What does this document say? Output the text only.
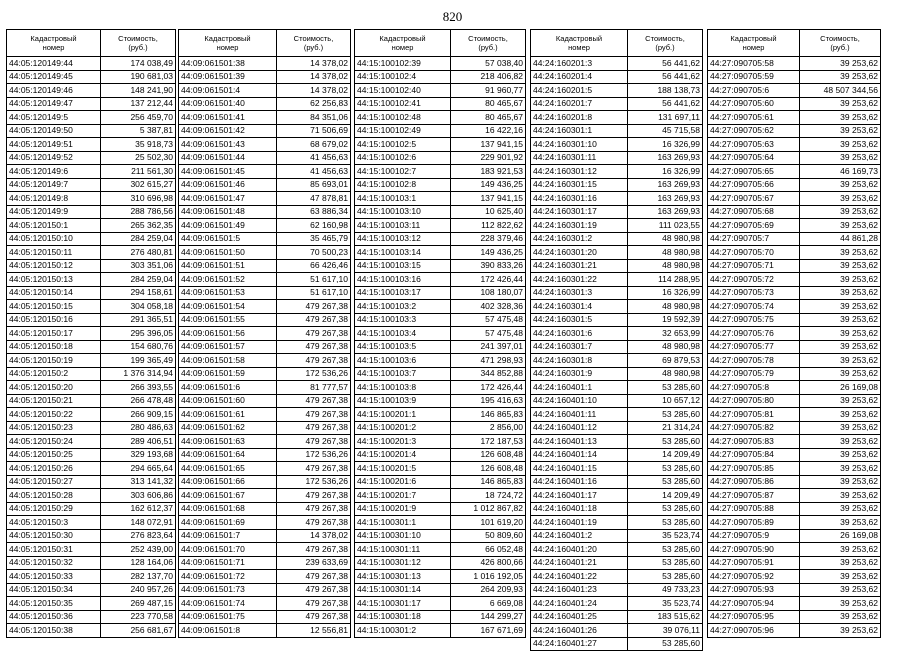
820
Кадастровый
номер	Стоимость,
(руб.)

44:05:120149:44	174 038,49
44:05:120149:45	190 681,03
44:05:120149:46	148 241,90
44:05:120149:47	137 212,44
44:05:120149:5	256 459,70
44:05:120149:50	5 387,81
44:05:120149:51	35 918,73
44:05:120149:52	25 502,30
44:05:120149:6	211 561,30
44:05:120149:7	302 615,27
44:05:120149:8	310 696,98
44:05:120149:9	288 786,56
44:05:120150:1	265 362,35
44:05:120150:10	284 259,04
44:05:120150:11	276 480,81
44:05:120150:12	303 351,06
44:05:120150:13	284 259,04
44:05:120150:14	294 158,61
44:05:120150:15	304 058,18
44:05:120150:16	291 365,51
44:05:120150:17	295 396,05
44:05:120150:18	154 680,76
44:05:120150:19	199 365,49
44:05:120150:2	1 376 314,94
44:05:120150:20	266 393,55
44:05:120150:21	266 478,48
44:05:120150:22	266 909,15
44:05:120150:23	280 486,63
44:05:120150:24	289 406,51
44:05:120150:25	329 193,68
44:05:120150:26	294 665,64
44:05:120150:27	313 141,32
44:05:120150:28	303 606,86
44:05:120150:29	162 612,37
44:05:120150:3	148 072,91
44:05:120150:30	276 823,64
44:05:120150:31	252 439,00
44:05:120150:32	128 164,06
44:05:120150:33	282 137,70
44:05:120150:34	240 957,26
44:05:120150:35	269 487,15
44:05:120150:36	223 770,58
44:05:120150:38	256 681,67
Кадастровый
номер	Стоимость,
(руб.)

44:09:061501:38	14 378,02
44:09:061501:39	14 378,02
44:09:061501:4	14 378,02
44:09:061501:40	62 256,83
44:09:061501:41	84 351,06
44:09:061501:42	71 506,69
44:09:061501:43	68 679,02
44:09:061501:44	41 456,63
44:09:061501:45	41 456,63
44:09:061501:46	85 693,01
44:09:061501:47	47 878,81
44:09:061501:48	63 886,34
44:09:061501:49	62 160,98
44:09:061501:5	35 465,79
44:09:061501:50	70 500,23
44:09:061501:51	66 426,46
44:09:061501:52	51 617,10
44:09:061501:53	51 617,10
44:09:061501:54	479 267,38
44:09:061501:55	479 267,38
44:09:061501:56	479 267,38
44:09:061501:57	479 267,38
44:09:061501:58	479 267,38
44:09:061501:59	172 536,26
44:09:061501:6	81 777,57
44:09:061501:60	479 267,38
44:09:061501:61	479 267,38
44:09:061501:62	479 267,38
44:09:061501:63	479 267,38
44:09:061501:64	172 536,26
44:09:061501:65	479 267,38
44:09:061501:66	172 536,26
44:09:061501:67	479 267,38
44:09:061501:68	479 267,38
44:09:061501:69	479 267,38
44:09:061501:7	14 378,02
44:09:061501:70	479 267,38
44:09:061501:71	239 633,69
44:09:061501:72	479 267,38
44:09:061501:73	479 267,38
44:09:061501:74	479 267,38
44:09:061501:75	479 267,38
44:09:061501:8	12 556,81
Кадастровый
номер	Стоимость,
(руб.)

44:15:100102:39	57 038,40
44:15:100102:4	218 406,82
44:15:100102:40	91 960,77
44:15:100102:41	80 465,67
44:15:100102:48	80 465,67
44:15:100102:49	16 422,16
44:15:100102:5	137 941,15
44:15:100102:6	229 901,92
44:15:100102:7	183 921,53
44:15:100102:8	149 436,25
44:15:100103:1	137 941,15
44:15:100103:10	10 625,40
44:15:100103:11	112 822,62
44:15:100103:12	228 379,46
44:15:100103:14	149 436,25
44:15:100103:15	390 833,26
44:15:100103:16	172 426,44
44:15:100103:17	108 180,07
44:15:100103:2	402 328,36
44:15:100103:3	57 475,48
44:15:100103:4	57 475,48
44:15:100103:5	241 397,01
44:15:100103:6	471 298,93
44:15:100103:7	344 852,88
44:15:100103:8	172 426,44
44:15:100103:9	195 416,63
44:15:100201:1	146 865,83
44:15:100201:2	2 856,00
44:15:100201:3	172 187,53
44:15:100201:4	126 608,48
44:15:100201:5	126 608,48
44:15:100201:6	146 865,83
44:15:100201:7	18 724,72
44:15:100201:9	1 012 867,82
44:15:100301:1	101 619,20
44:15:100301:10	50 809,60
44:15:100301:11	66 052,48
44:15:100301:12	426 800,66
44:15:100301:13	1 016 192,05
44:15:100301:14	264 209,93
44:15:100301:17	6 669,08
44:15:100301:18	144 299,27
44:15:100301:2	167 671,69
Кадастровый
номер	Стоимость,
(руб.)

44:24:160201:3	56 441,62
44:24:160201:4	56 441,62
44:24:160201:5	188 138,73
44:24:160201:7	56 441,62
44:24:160201:8	131 697,11
44:24:160301:1	45 715,58
44:24:160301:10	16 326,99
44:24:160301:11	163 269,93
44:24:160301:12	16 326,99
44:24:160301:15	163 269,93
44:24:160301:16	163 269,93
44:24:160301:17	163 269,93
44:24:160301:19	111 023,55
44:24:160301:2	48 980,98
44:24:160301:20	48 980,98
44:24:160301:21	48 980,98
44:24:160301:22	114 288,95
44:24:160301:3	16 326,99
44:24:160301:4	48 980,98
44:24:160301:5	19 592,39
44:24:160301:6	32 653,99
44:24:160301:7	48 980,98
44:24:160301:8	69 879,53
44:24:160301:9	48 980,98
44:24:160401:1	53 285,60
44:24:160401:10	10 657,12
44:24:160401:11	53 285,60
44:24:160401:12	21 314,24
44:24:160401:13	53 285,60
44:24:160401:14	14 209,49
44:24:160401:15	53 285,60
44:24:160401:16	53 285,60
44:24:160401:17	14 209,49
44:24:160401:18	53 285,60
44:24:160401:19	53 285,60
44:24:160401:2	35 523,74
44:24:160401:20	53 285,60
44:24:160401:21	53 285,60
44:24:160401:22	53 285,60
44:24:160401:23	49 733,23
44:24:160401:24	35 523,74
44:24:160401:25	183 515,62
44:24:160401:26	39 076,11
44:24:160401:27	53 285,60
Кадастровый
номер	Стоимость,
(руб.)

44:27:090705:58	39 253,62
44:27:090705:59	39 253,62
44:27:090705:6	48 507 344,56
44:27:090705:60	39 253,62
44:27:090705:61	39 253,62
44:27:090705:62	39 253,62
44:27:090705:63	39 253,62
44:27:090705:64	39 253,62
44:27:090705:65	46 169,73
44:27:090705:66	39 253,62
44:27:090705:67	39 253,62
44:27:090705:68	39 253,62
44:27:090705:69	39 253,62
44:27:090705:7	44 861,28
44:27:090705:70	39 253,62
44:27:090705:71	39 253,62
44:27:090705:72	39 253,62
44:27:090705:73	39 253,62
44:27:090705:74	39 253,62
44:27:090705:75	39 253,62
44:27:090705:76	39 253,62
44:27:090705:77	39 253,62
44:27:090705:78	39 253,62
44:27:090705:79	39 253,62
44:27:090705:8	26 169,08
44:27:090705:80	39 253,62
44:27:090705:81	39 253,62
44:27:090705:82	39 253,62
44:27:090705:83	39 253,62
44:27:090705:84	39 253,62
44:27:090705:85	39 253,62
44:27:090705:86	39 253,62
44:27:090705:87	39 253,62
44:27:090705:88	39 253,62
44:27:090705:89	39 253,62
44:27:090705:9	26 169,08
44:27:090705:90	39 253,62
44:27:090705:91	39 253,62
44:27:090705:92	39 253,62
44:27:090705:93	39 253,62
44:27:090705:94	39 253,62
44:27:090705:95	39 253,62
44:27:090705:96	39 253,62
